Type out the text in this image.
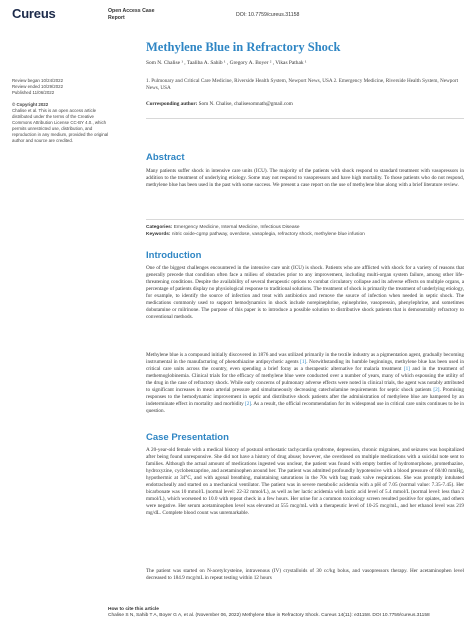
Cureus	Open Access Case
Report	DOI: 10.7759/cureus.31158
Methylene Blue in Refractory Shock
Som N. Chalise ¹ , Taaliba A. Sahib ¹ , Gregory A. Boyer ² , Vikas Pathak ¹
1. Pulmonary and Critical Care Medicine, Riverside Health System, Newport News, USA 2. Emergency Medicine, Riverside Health System, Newport News, USA
Corresponding author: Som N. Chalise, chalisesomnath@gmail.com
Review began 10/24/2022
Review ended 10/29/2022
Published 11/06/2022
© Copyright 2022
Chalise et al. This is an open access article distributed under the terms of the Creative Commons Attribution License CC-BY 4.0., which permits unrestricted use, distribution, and reproduction in any medium, provided the original author and source are credited.
Abstract
Many patients suffer shock in intensive care units (ICU). The majority of the patients with shock respond to standard treatment with vasopressors in addition to the treatment of underlying etiology. Some may not respond to vasopressors and have high mortality. To those patients who do not respond, methylene blue has been used in the past with some success. We present a case report on the use of methylene blue along with a brief literature review.
Categories: Emergency Medicine, Internal Medicine, Infectious Disease
Keywords: nitric oxide-cgmp pathway, overdose, vasoplegia, refractory shock, methylene blue infusion
Introduction
One of the biggest challenges encountered in the intensive care unit (ICU) is shock. Patients who are afflicted with shock for a variety of reasons that generally precede that condition often face a milieu of obstacles prior to any improvement, including multi-organ system failure, among other life-threatening conditions. Despite the availability of several therapeutic options to combat circulatory collapse and its adverse effects on multiple organs, a percentage of patients display no physiological response to traditional solutions. The treatment of shock is primarily the treatment of underlying etiology, for example, to identify the source of infection and treat with antibiotics and remove the source of infection when needed in septic shock. The medications commonly used to support hemodynamics in shock include norepinephrine, epinephrine, vasopressin, phenylephrine, and sometimes dobutamine or milrinone. The purpose of this paper is to introduce a possible solution to distributive shock patients that is demonstrably refractory to conventional methods.
Methylene blue is a compound initially discovered in 1876 and was utilized primarily in the textile industry as a pigmentation agent, gradually becoming instrumental in the manufacturing of phenothiazine antipsychotic agents [1]. Notwithstanding its humble beginnings, methylene blue has been used in critical care units across the country, even spending a brief foray as a therapeutic alternative for malaria treatment [1] and in the treatment of methemoglobinemia. Clinical trials for the efficacy of methylene blue were conducted over a number of years, many of which espousing the utility of the drug in the case of refractory shock. While early concerns of pulmonary adverse effects were noted in clinical trials, the agent was notably attributed to significant increases in mean arterial pressure and simultaneously decreasing catecholamine requirements for septic shock patients [2]. Promising responses to the hemodynamic improvement in septic and distributive shock patients after the administration of methylene blue are hampered by an indeterminate effect in mortality and morbidity [2]. As a result, the official recommendation for its widespread use in critical care units continues to be in question.
Case Presentation
A 20-year-old female with a medical history of postural orthostatic tachycardia syndrome, depression, chronic migraines, and seizures was hospitalized after being found unresponsive. She did not have a history of drug abuse; however, she overdosed on multiple medications with a suicidal note sent to families. Although the actual amount of medications ingested was unclear, the patient was found with empty bottles of hydromorphone, promethazine, hydroxyzine, cyclobenzaprine, and acetaminophen around her. The patient was admitted profoundly hypotensive with a blood pressure of 60/40 mmHg, hypothermic at 34°C, and with agonal breathing, maintaining saturations in the 70s with bag mask valve respirations. She was promptly intubated endotracheally and started on a mechanical ventilator. The patient was in severe metabolic acidemia with a pH of 7.05 (normal value: 7.35-7.45). Her bicarbonate was 10 mmol/L (normal level: 22-32 mmol/L), as well as her lactic acidemia with lactic acid level of 5.4 mmol/L (normal level: less than 2 mmol/L), which worsened to 10.0 with repeat check in a few hours. Her urine for a common toxicology screen resulted positive for opiates, and others were negative. Her serum acetaminophen level was elevated at 555 mcg/mL with a therapeutic level of 10-25 mcg/mL, and her ethanol level was 219 mg/dL. Complete blood count was unremarkable.
The patient was started on N-acetylcysteine, intravenous (IV) crystalloids of 30 cc/kg bolus, and vasopressors therapy. Her acetaminophen level decreased to 184.9 mcg/mL in repeat testing within 12 hours
How to cite this article
Chalise S N, Sahib T A, Boyer G A, et al. (November 06, 2022) Methylene Blue in Refractory Shock. Cureus 14(11): e31158. DOI 10.7759/cureus.31158
